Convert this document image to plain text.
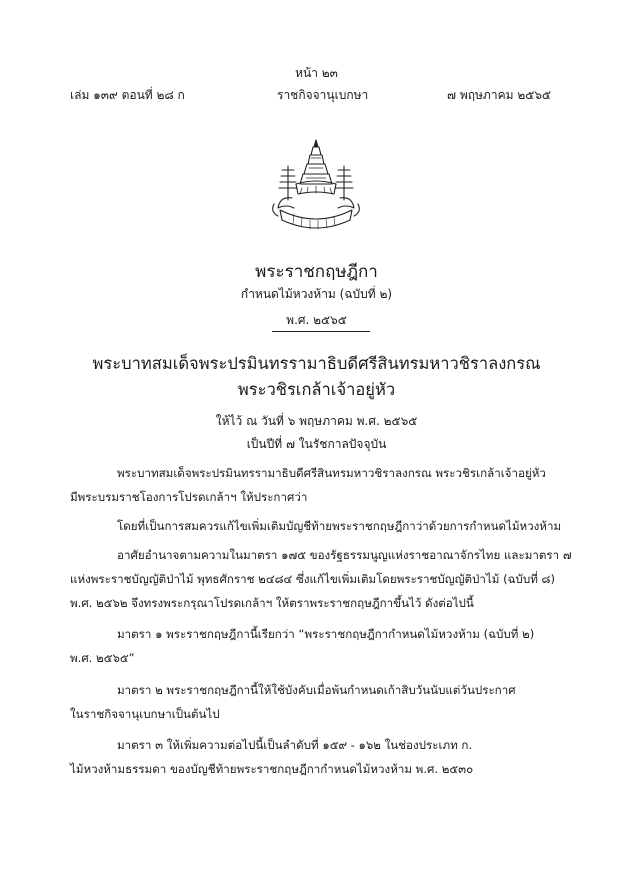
หน้า ๒๓
เล่ม ๑๓๙ ตอนที่ ๒๘ ก	ราชกิจจานุเบกษา	๗ พฤษภาคม ๒๕๖๕
พระราชกฤษฎีกา
กำหนดไม้หวงห้าม (ฉบับที่ ๒)
พ.ศ. ๒๕๖๕
พระบาทสมเด็จพระปรมินทรรามาธิบดีศรีสินทรมหาวชิราลงกรณ
พระวชิรเกล้าเจ้าอยู่หัว
ให้ไว้ ณ วันที่ ๖ พฤษภาคม พ.ศ. ๒๕๖๕
เป็นปีที่ ๗ ในรัชกาลปัจจุบัน
พระบาทสมเด็จพระปรมินทรรามาธิบดีศรีสินทรมหาวชิราลงกรณ พระวชิรเกล้าเจ้าอยู่หัว
มีพระบรมราชโองการโปรดเกล้าฯ ให้ประกาศว่า
โดยที่เป็นการสมควรแก้ไขเพิ่มเติมบัญชีท้ายพระราชกฤษฎีกาว่าด้วยการกำหนดไม้หวงห้าม
อาศัยอำนาจตามความในมาตรา ๑๗๕ ของรัฐธรรมนูญแห่งราชอาณาจักรไทย และมาตรา ๗
แห่งพระราชบัญญัติป่าไม้ พุทธศักราช ๒๔๘๔ ซึ่งแก้ไขเพิ่มเติมโดยพระราชบัญญัติป่าไม้ (ฉบับที่ ๘)
พ.ศ. ๒๕๖๒ จึงทรงพระกรุณาโปรดเกล้าฯ ให้ตราพระราชกฤษฎีกาขึ้นไว้ ดังต่อไปนี้
มาตรา ๑ พระราชกฤษฎีกานี้เรียกว่า “พระราชกฤษฎีกากำหนดไม้หวงห้าม (ฉบับที่ ๒)
พ.ศ. ๒๕๖๕”
มาตรา ๒ พระราชกฤษฎีกานี้ให้ใช้บังคับเมื่อพ้นกำหนดเก้าสิบวันนับแต่วันประกาศ
ในราชกิจจานุเบกษาเป็นต้นไป
มาตรา ๓ ให้เพิ่มความต่อไปนี้เป็นลำดับที่ ๑๕๙ - ๑๖๒ ในช่องประเภท ก.
ไม้หวงห้ามธรรมดา ของบัญชีท้ายพระราชกฤษฎีกากำหนดไม้หวงห้าม พ.ศ. ๒๕๓๐
